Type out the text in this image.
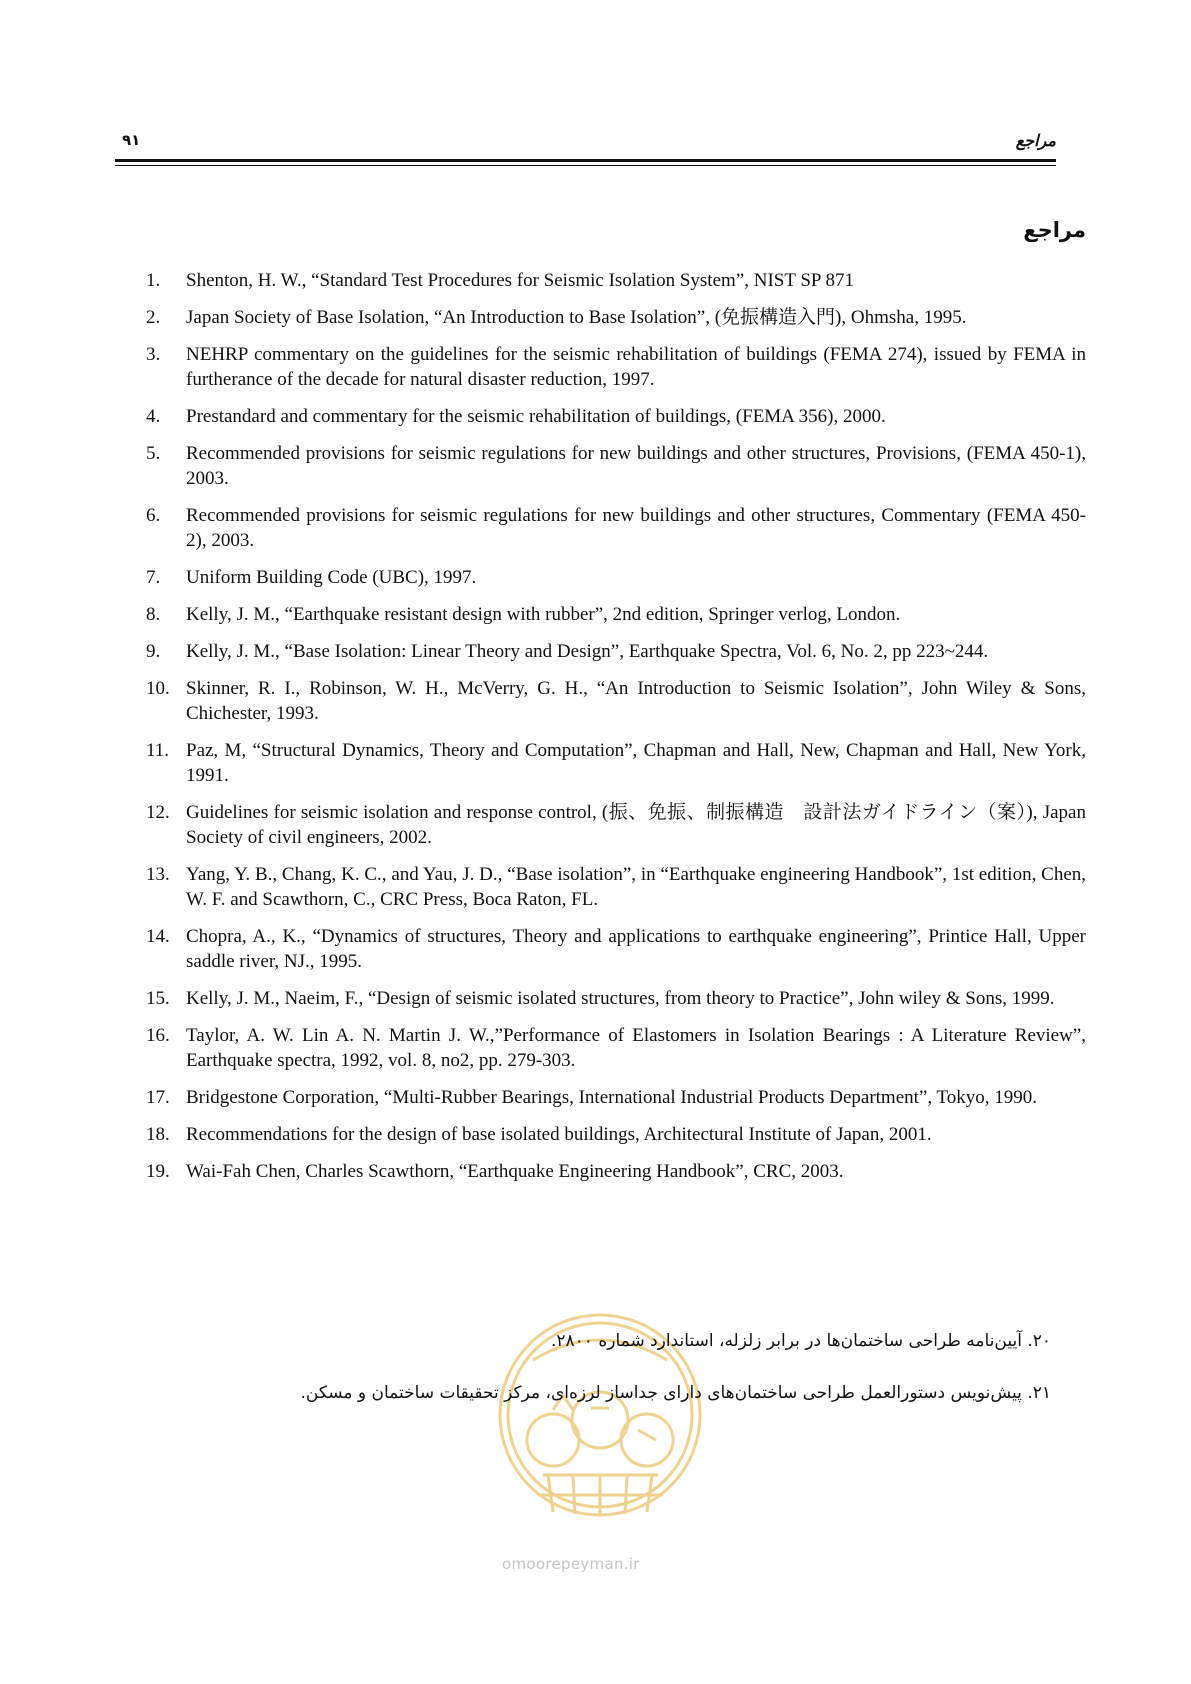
۹۱	مراجع
مراجع
1.	Shenton, H. W., “Standard Test Procedures for Seismic Isolation System”, NIST SP 871
2.	Japan Society of Base Isolation, “An Introduction to Base Isolation”, (免振構造入門), Ohmsha, 1995.
3.	NEHRP commentary on the guidelines for the seismic rehabilitation of buildings (FEMA 274), issued by FEMA in furtherance of the decade for natural disaster reduction, 1997.
4.	Prestandard and commentary for the seismic rehabilitation of buildings, (FEMA 356), 2000.
5.	Recommended provisions for seismic regulations for new buildings and other structures, Provisions, (FEMA 450-1), 2003.
6.	Recommended provisions for seismic regulations for new buildings and other structures, Commentary (FEMA 450-2), 2003.
7.	Uniform Building Code (UBC), 1997.
8.	Kelly, J. M., “Earthquake resistant design with rubber”, 2nd edition, Springer verlog, London.
9.	Kelly, J. M., “Base Isolation: Linear Theory and Design”, Earthquake Spectra, Vol. 6, No. 2, pp 223~244.
10. Skinner, R. I., Robinson, W. H., McVerry, G. H., “An Introduction to Seismic Isolation”, John Wiley & Sons, Chichester, 1993.
11. Paz, M, “Structural Dynamics, Theory and Computation”, Chapman and Hall, New, Chapman and Hall, New York, 1991.
12. Guidelines for seismic isolation and response control, (振、免振、制振構造　設計法ガイドライン（案）), Japan Society of civil engineers, 2002.
13. Yang, Y. B., Chang, K. C., and Yau, J. D., “Base isolation”, in “Earthquake engineering Handbook”, 1st edition, Chen, W. F. and Scawthorn, C., CRC Press, Boca Raton, FL.
14. Chopra, A., K., “Dynamics of structures, Theory and applications to earthquake engineering”, Printice Hall, Upper saddle river, NJ., 1995.
15. Kelly, J. M., Naeim, F., “Design of seismic isolated structures, from theory to Practice”, John wiley & Sons, 1999.
16. Taylor, A. W. Lin A. N. Martin J. W.,”Performance of Elastomers in Isolation Bearings : A Literature Review”, Earthquake spectra, 1992, vol. 8, no2, pp. 279-303.
17. Bridgestone Corporation, “Multi-Rubber Bearings, International Industrial Products Department”, Tokyo, 1990.
18. Recommendations for the design of base isolated buildings, Architectural Institute of Japan, 2001.
19. Wai-Fah Chen, Charles Scawthorn, “Earthquake Engineering Handbook”, CRC, 2003.
omoorepeyman.ir
۲۰. آیین‌نامه طراحی ساختمان‌ها در برابر زلزله، استاندارد شماره ۲۸۰۰.
۲۱. پیش‌نویس دستورالعمل طراحی ساختمان‌های دارای جداساز لرزه‌ای، مرکز تحقیقات ساختمان و مسکن.
